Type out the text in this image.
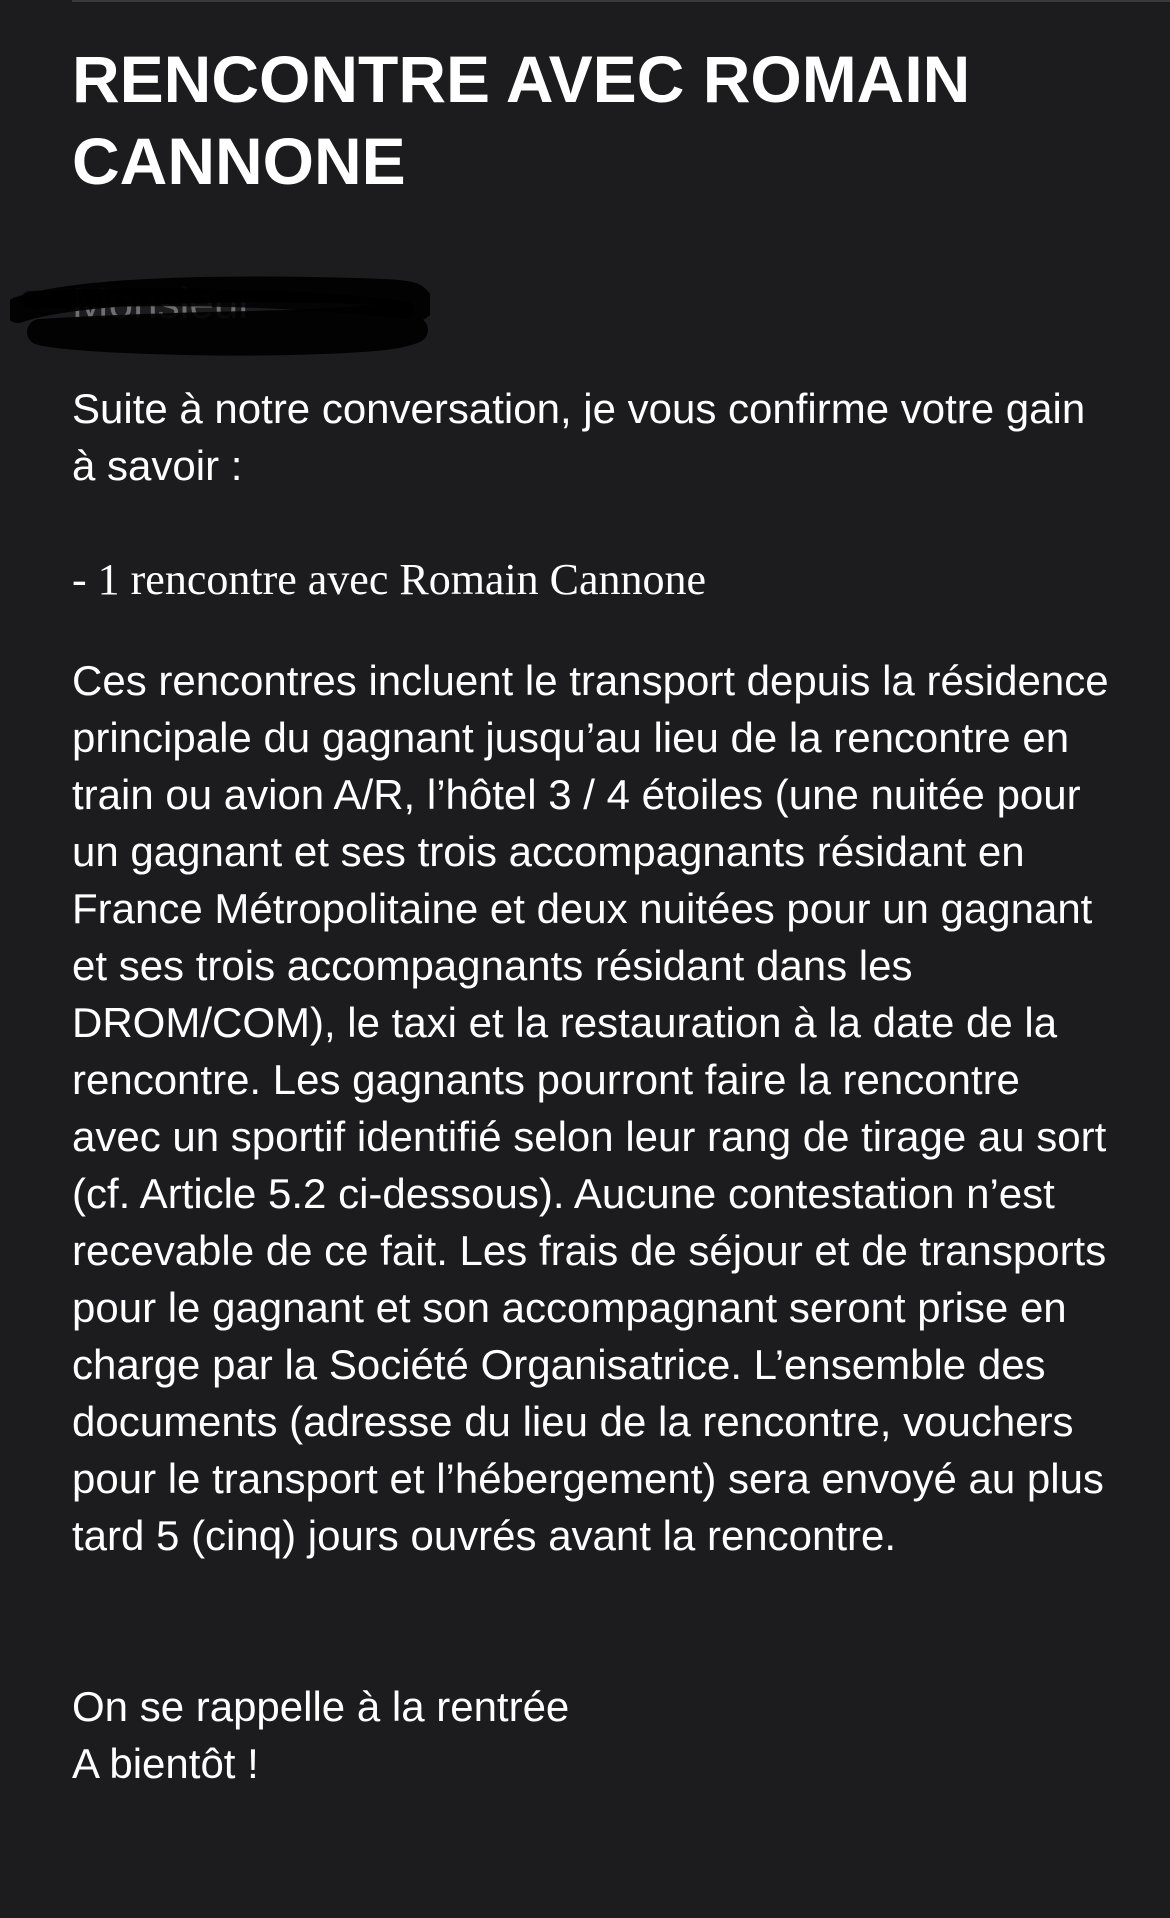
RENCONTRE AVEC ROMAIN CANNONE
Monsieur

Suite à notre conversation, je vous confirme votre gain à savoir :

- 1 rencontre avec Romain Cannone

Ces rencontres incluent le transport depuis la résidence principale du gagnant jusqu’au lieu de la rencontre en train ou avion A/R, l’hôtel 3 / 4 étoiles (une nuitée pour un gagnant et ses trois accompagnants résidant en France Métropolitaine et deux nuitées pour un gagnant et ses trois accompagnants résidant dans les DROM/COM), le taxi et la restauration à la date de la rencontre. Les gagnants pourront faire la rencontre avec un sportif identifié selon leur rang de tirage au sort (cf. Article 5.2 ci-dessous). Aucune contestation n’est recevable de ce fait. Les frais de séjour et de transports pour le gagnant et son accompagnant seront prise en charge par la Société Organisatrice. L’ensemble des documents (adresse du lieu de la rencontre, vouchers pour le transport et l’hébergement) sera envoyé au plus tard 5 (cinq) jours ouvrés avant la rencontre.

On se rappelle à la rentrée

A bientôt !
